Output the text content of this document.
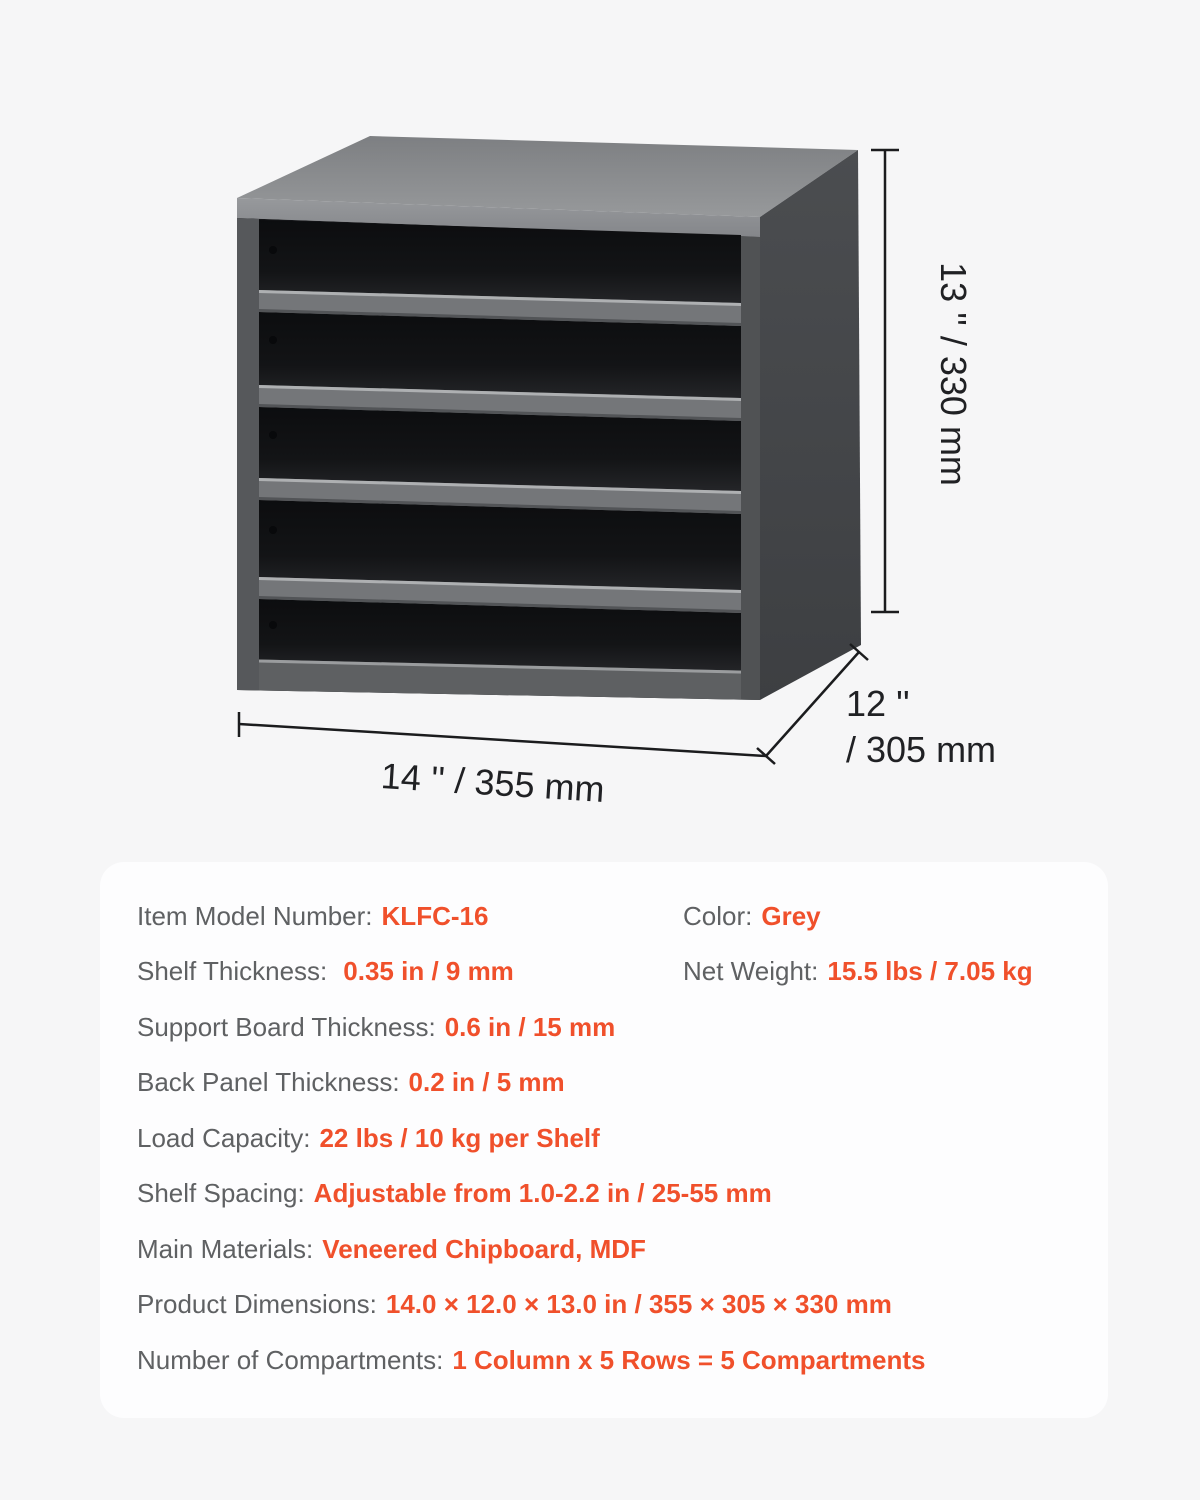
13 '' / 330 mm
14 '' / 355 mm
12 ''
/ 305 mm
Item Model Number: KLFC-16	Color: Grey
Shelf Thickness: 0.35 in / 9 mm	Net Weight: 15.5 lbs / 7.05 kg
Support Board Thickness: 0.6 in / 15 mm
Back Panel Thickness: 0.2 in / 5 mm
Load Capacity: 22 lbs / 10 kg per Shelf
Shelf Spacing: Adjustable from 1.0-2.2 in / 25-55 mm
Main Materials: Veneered Chipboard, MDF
Product Dimensions: 14.0 × 12.0 × 13.0 in / 355 × 305 × 330 mm
Number of Compartments: 1 Column x 5 Rows = 5 Compartments
